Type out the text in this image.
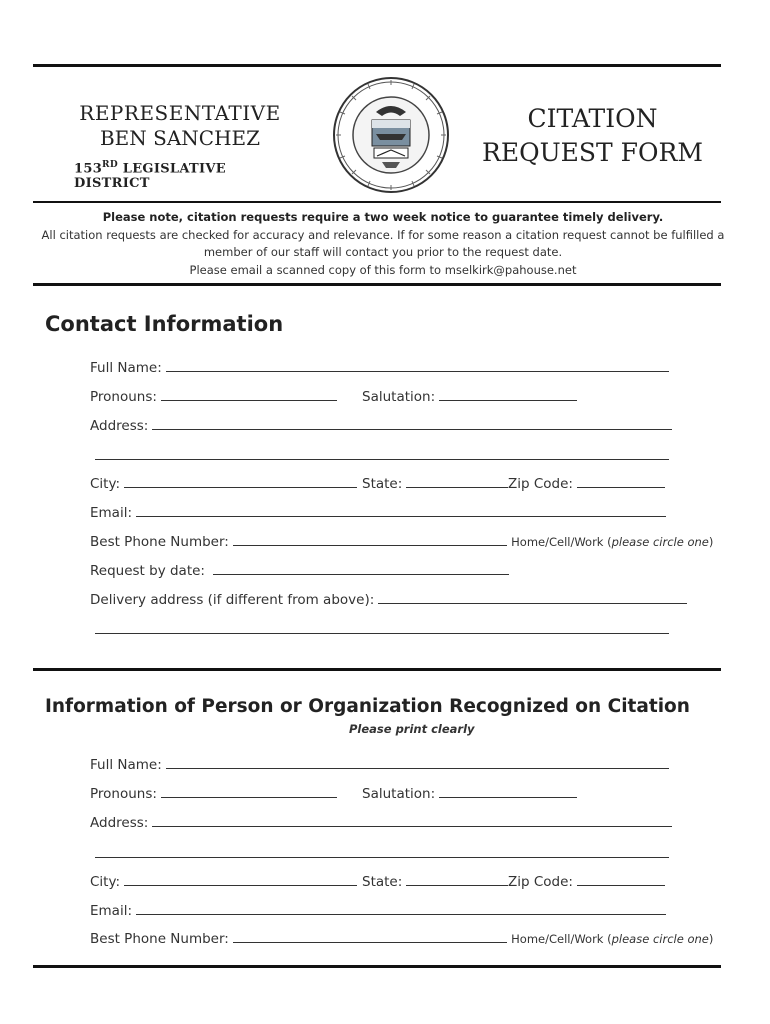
REPRESENTATIVE
BEN SANCHEZ
153RD LEGISLATIVE DISTRICT
CITATION
REQUEST FORM
Please note, citation requests require a two week notice to guarantee timely delivery.
All citation requests are checked for accuracy and relevance. If for some reason a citation request cannot be fulfilled a
member of our staff will contact you prior to the request date.
Please email a scanned copy of this form to mselkirk@pahouse.net
Contact Information
Full Name:
Pronouns:	Salutation:
Address:
City:	State:	Zip Code:
Email:
Best Phone Number:	Home/Cell/Work (please circle one)
Request by date:
Delivery address (if different from above):
Information of Person or Organization Recognized on Citation
Please print clearly
Full Name:
Pronouns:	Salutation:
Address:
City:	State:	Zip Code:
Email:
Best Phone Number:	Home/Cell/Work (please circle one)
